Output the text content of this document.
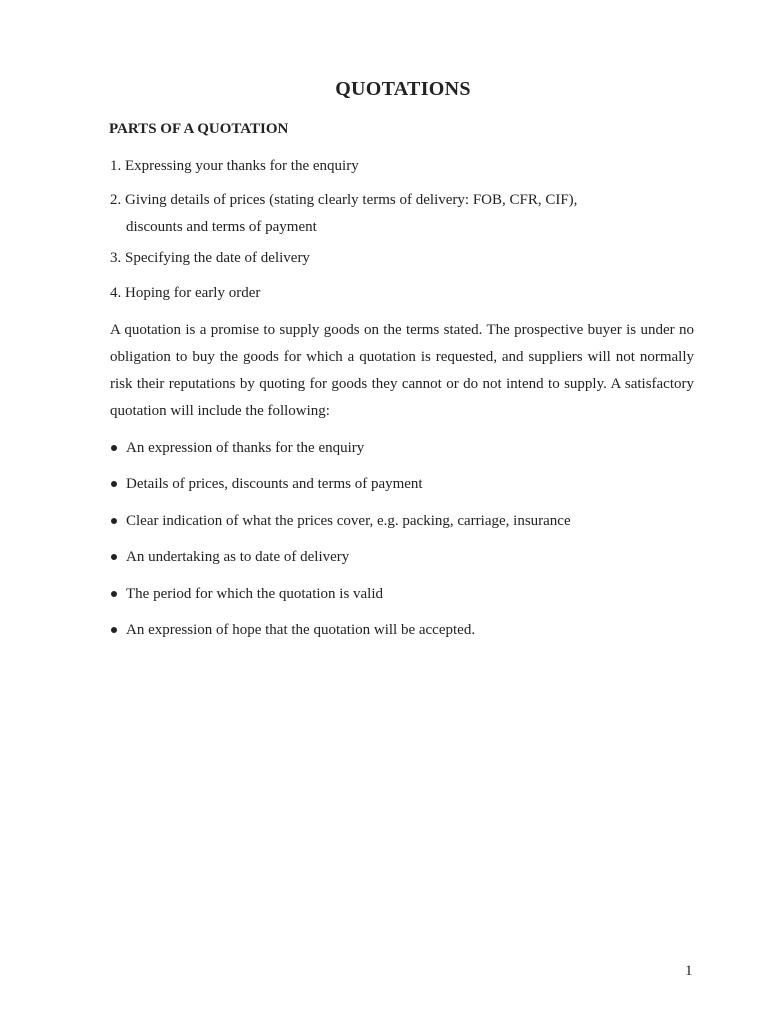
QUOTATIONS
PARTS OF A QUOTATION
1. Expressing your thanks for the enquiry
2. Giving details of prices (stating clearly terms of delivery: FOB, CFR, CIF),
discounts and terms of payment
3. Specifying the date of delivery
4. Hoping for early order

A quotation is a promise to supply goods on the terms stated. The prospective buyer is under no obligation to buy the goods for which a quotation is requested, and suppliers will not normally risk their reputations by quoting for goods they cannot or do not intend to supply. A satisfactory quotation will include the following:

An expression of thanks for the enquiry
Details of prices, discounts and terms of payment
Clear indication of what the prices cover, e.g. packing, carriage, insurance
An undertaking as to date of delivery
The period for which the quotation is valid
An expression of hope that the quotation will be accepted.

1
